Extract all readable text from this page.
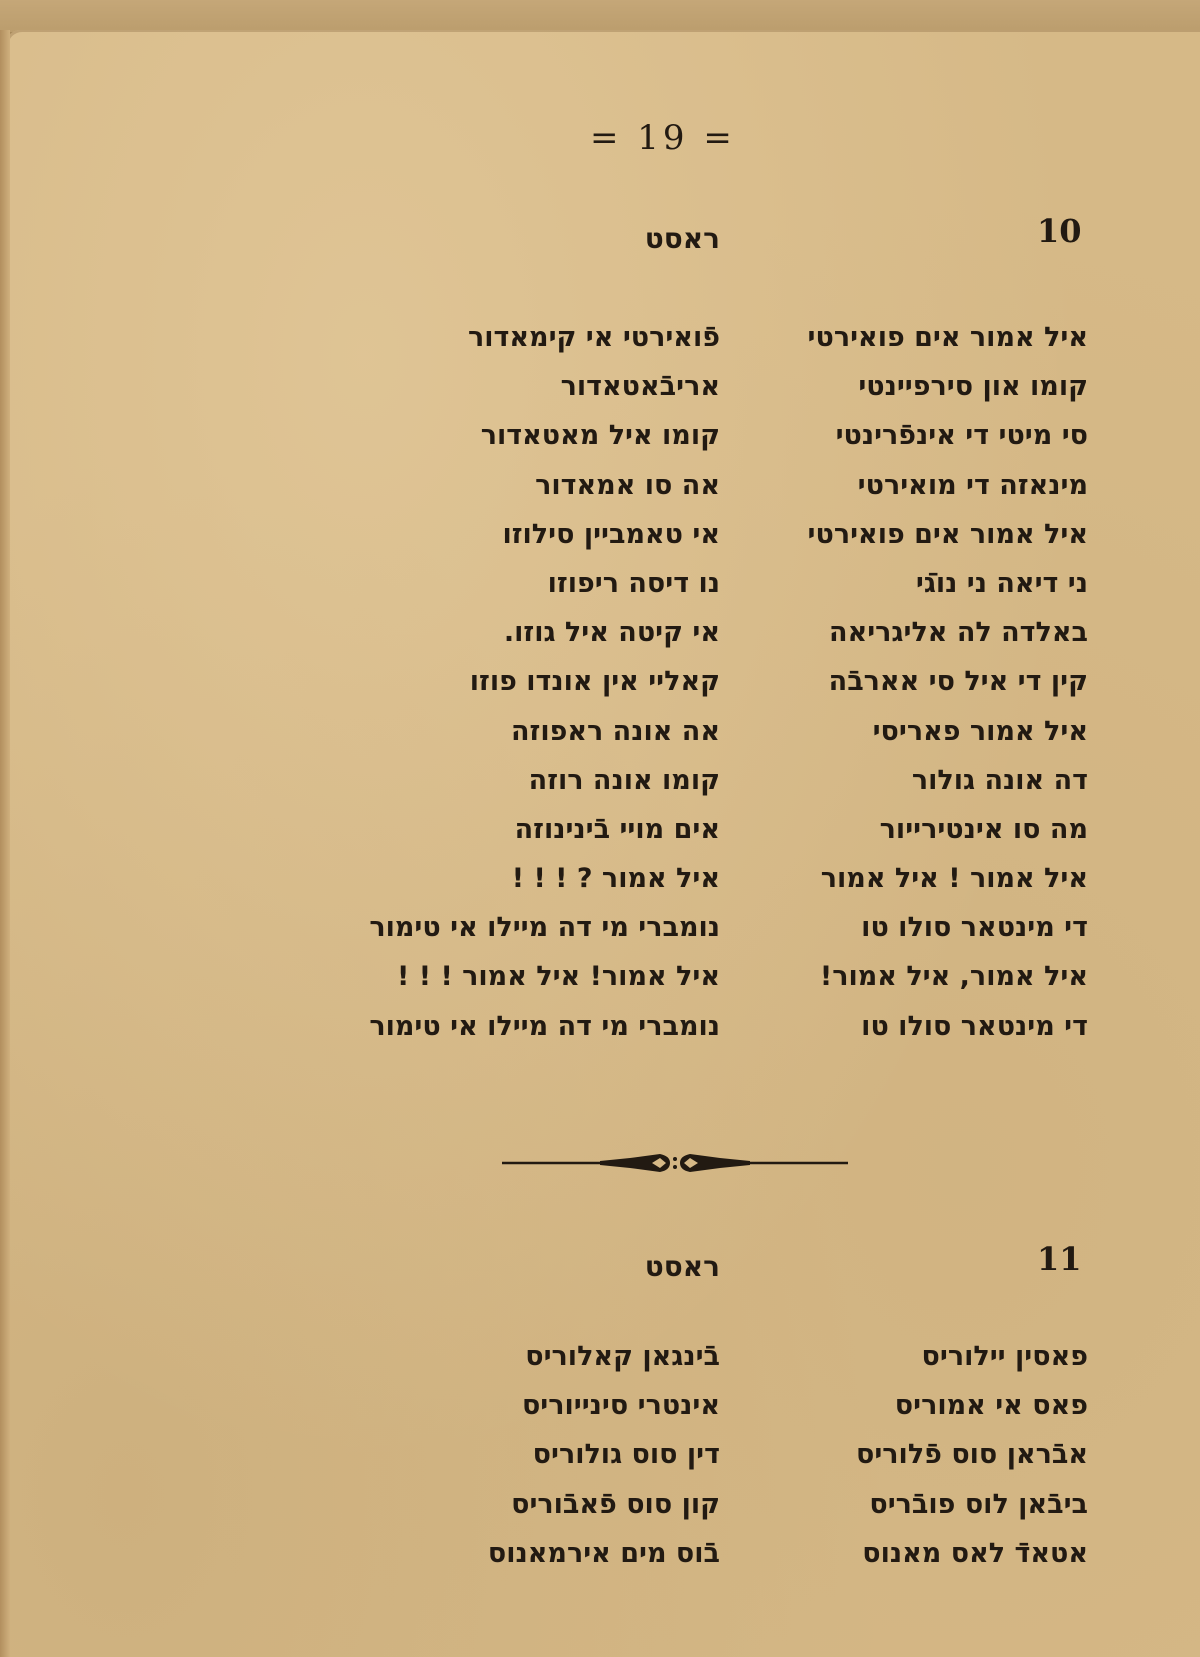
= 19 =
10
ראסט
איל אמור אים פואירטי
קומו און סירפיינטי
סי מיטי די אינפֿרינטי
מינאזה די מואירטי
איל אמור אים פואירטי
ני דיאה ני נוגֿי
באלדה לה אליגריאה
קין די איל סי אארבֿה
איל אמור פאריסי
דה אונה גולור
מה סו אינטירייור
איל אמור ! איל אמור
די מינטאר סולו טו
איל אמור, איל אמור!
די מינטאר סולו טו
פֿואירטי אי קימאדור
אריבֿאטאדור
קומו איל מאטאדור
אה סו אמאדור
אי טאמביין סילוזו
נו דיסה ריפוזו
אי קיטה איל גוזו.
קאליי אין אונדו פוזו
אה אונה ראפוזה
קומו אונה רוזה
אים מויי בֿינינוזה
איל אמור ? ! ! !
נומברי מי דה מיילו אי טימור
איל אמור! איל אמור ! ! !
נומברי מי דה מיילו אי טימור
11
ראסט
פאסין יילוריס
פאס אי אמוריס
אבֿראן סוס פֿלוריס
ביבֿאן לוס פובֿריס
אטאדֿ לאס מאנוס
בֿינגאן קאלוריס
אינטרי סינייוריס
דין סוס גולוריס
קון סוס פֿאבֿוריס
בֿוס מים אירמאנוס
